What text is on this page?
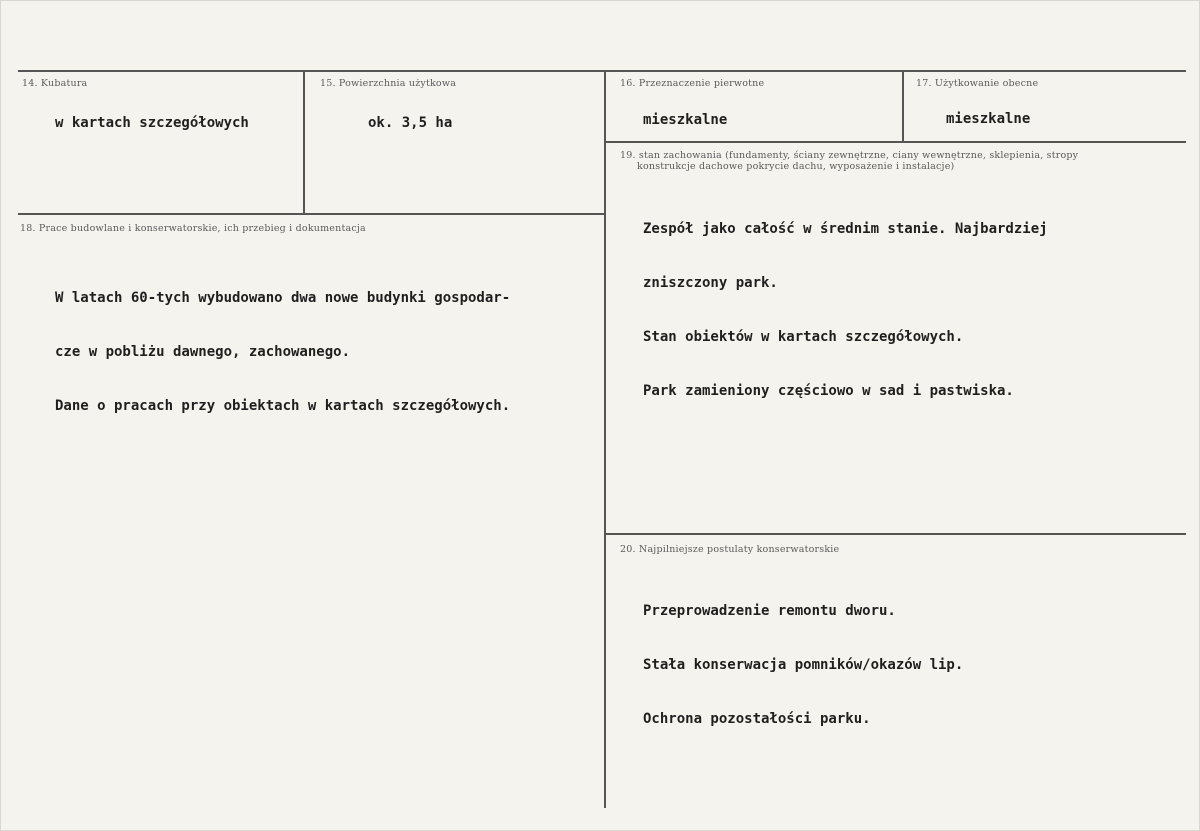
14. Kubatura
w kartach szczegółowych
15. Powierzchnia użytkowa
ok. 3,5 ha
16. Przeznaczenie pierwotne
mieszkalne
17. Użytkowanie obecne
mieszkalne
18. Prace budowlane i konserwatorskie, ich przebieg i dokumentacja

W latach 60-tych wybudowano dwa nowe budynki gospodar-

cze w pobliżu dawnego, zachowanego.

Dane o pracach przy obiektach w kartach szczegółowych.

19. stan zachowania (fundamenty, ściany zewnętrzne, ciany wewnętrzne, sklepienia, stropy
konstrukcje dachowe pokrycie dachu, wyposażenie i instalacje)

Zespół jako całość w średnim stanie. Najbardziej

zniszczony park.

Stan obiektów w kartach szczegółowych.

Park zamieniony częściowo w sad i pastwiska.

20. Najpilniejsze postulaty konserwatorskie

Przeprowadzenie remontu dworu.

Stała konserwacja pomników/okazów lip.

Ochrona pozostałości parku.
